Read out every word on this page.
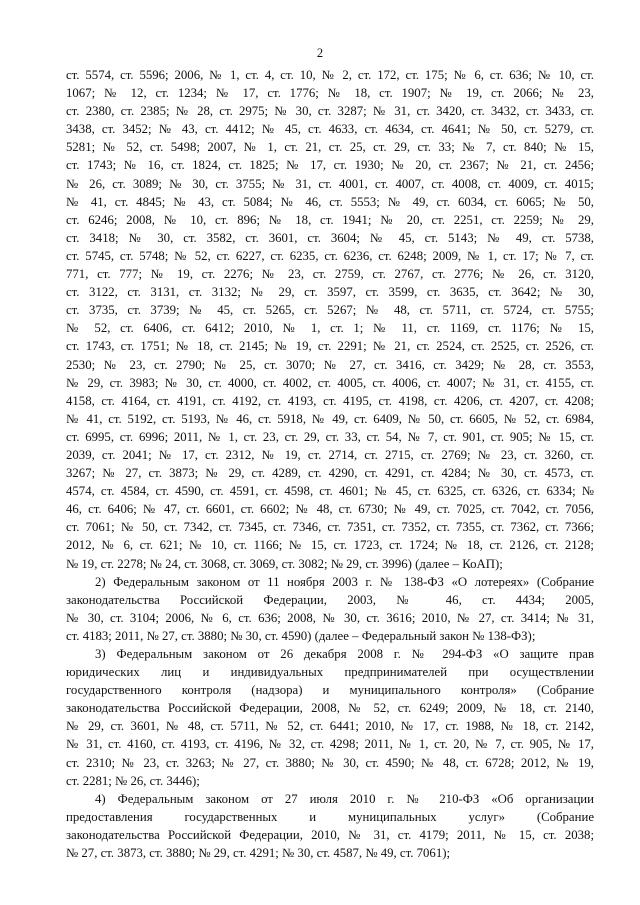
2
ст. 5574, ст. 5596; 2006, № 1, ст. 4, ст. 10, № 2, ст. 172, ст. 175; № 6, ст. 636; № 10, ст.
1067; № 12, ст. 1234; № 17, ст. 1776; № 18, ст. 1907; № 19, ст. 2066; № 23,
ст. 2380, ст. 2385; № 28, ст. 2975; № 30, ст. 3287; № 31, ст. 3420, ст. 3432, ст. 3433, ст.
3438, ст. 3452; № 43, ст. 4412; № 45, ст. 4633, ст. 4634, ст. 4641; № 50, ст. 5279, ст.
5281; № 52, ст. 5498; 2007, № 1, ст. 21, ст. 25, ст. 29, ст. 33; № 7, ст. 840; № 15,
ст. 1743; № 16, ст. 1824, ст. 1825; № 17, ст. 1930; № 20, ст. 2367; № 21, ст. 2456;
№ 26, ст. 3089; № 30, ст. 3755; № 31, ст. 4001, ст. 4007, ст. 4008, ст. 4009, ст. 4015;
№ 41, ст. 4845; № 43, ст. 5084; № 46, ст. 5553; № 49, ст. 6034, ст. 6065; № 50,
ст. 6246; 2008, № 10, ст. 896; № 18, ст. 1941; № 20, ст. 2251, ст. 2259; № 29,
ст. 3418; № 30, ст. 3582, ст. 3601, ст. 3604; № 45, ст. 5143; № 49, ст. 5738,
ст. 5745, ст. 5748; № 52, ст. 6227, ст. 6235, ст. 6236, ст. 6248; 2009, № 1, ст. 17; № 7, ст.
771, ст. 777; № 19, ст. 2276; № 23, ст. 2759, ст. 2767, ст. 2776; № 26, ст. 3120,
ст. 3122, ст. 3131, ст. 3132; № 29, ст. 3597, ст. 3599, ст. 3635, ст. 3642; № 30,
ст. 3735, ст. 3739; № 45, ст. 5265, ст. 5267; № 48, ст. 5711, ст. 5724, ст. 5755;
№ 52, ст. 6406, ст. 6412; 2010, № 1, ст. 1; № 11, ст. 1169, ст. 1176; № 15,
ст. 1743, ст. 1751; № 18, ст. 2145; № 19, ст. 2291; № 21, ст. 2524, ст. 2525, ст. 2526, ст.
2530; № 23, ст. 2790; № 25, ст. 3070; № 27, ст. 3416, ст. 3429; № 28, ст. 3553,
№ 29, ст. 3983; № 30, ст. 4000, ст. 4002, ст. 4005, ст. 4006, ст. 4007; № 31, ст. 4155, ст.
4158, ст. 4164, ст. 4191, ст. 4192, ст. 4193, ст. 4195, ст. 4198, ст. 4206, ст. 4207, ст. 4208;
№ 41, ст. 5192, ст. 5193, № 46, ст. 5918, № 49, ст. 6409, № 50, ст. 6605, № 52, ст. 6984,
ст. 6995, ст. 6996; 2011, № 1, ст. 23, ст. 29, ст. 33, ст. 54, № 7, ст. 901, ст. 905; № 15, ст.
2039, ст. 2041; № 17, ст. 2312, № 19, ст. 2714, ст. 2715, ст. 2769; № 23, ст. 3260, ст.
3267; № 27, ст. 3873; № 29, ст. 4289, ст. 4290, ст. 4291, ст. 4284; № 30, ст. 4573, ст.
4574, ст. 4584, ст. 4590, ст. 4591, ст. 4598, ст. 4601; № 45, ст. 6325, ст. 6326, ст. 6334; №
46, ст. 6406; № 47, ст. 6601, ст. 6602; № 48, ст. 6730; № 49, ст. 7025, ст. 7042, ст. 7056,
ст. 7061; № 50, ст. 7342, ст. 7345, ст. 7346, ст. 7351, ст. 7352, ст. 7355, ст. 7362, ст. 7366;
2012, № 6, ст. 621; № 10, ст. 1166; № 15, ст. 1723, ст. 1724; № 18, ст. 2126, ст. 2128;
№ 19, ст. 2278; № 24, ст. 3068, ст. 3069, ст. 3082; № 29, ст. 3996) (далее – КоАП);
2) Федеральным законом от 11 ноября 2003 г. № 138-ФЗ «О лотереях» (Собрание
законодательства Российской Федерации, 2003, № 46, ст. 4434; 2005,
№ 30, ст. 3104; 2006, № 6, ст. 636; 2008, № 30, ст. 3616; 2010, № 27, ст. 3414; № 31,
ст. 4183; 2011, № 27, ст. 3880; № 30, ст. 4590) (далее – Федеральный закон № 138-ФЗ);
3) Федеральным законом от 26 декабря 2008 г. № 294-ФЗ «О защите прав
юридических лиц и индивидуальных предпринимателей при осуществлении
государственного контроля (надзора) и муниципального контроля» (Собрание
законодательства Российской Федерации, 2008, № 52, ст. 6249; 2009, № 18, ст. 2140,
№ 29, ст. 3601, № 48, ст. 5711, № 52, ст. 6441; 2010, № 17, ст. 1988, № 18, ст. 2142,
№ 31, ст. 4160, ст. 4193, ст. 4196, № 32, ст. 4298; 2011, № 1, ст. 20, № 7, ст. 905, № 17,
ст. 2310; № 23, ст. 3263; № 27, ст. 3880; № 30, ст. 4590; № 48, ст. 6728; 2012, № 19,
ст. 2281; № 26, ст. 3446);
4) Федеральным законом от 27 июля 2010 г. № 210-ФЗ «Об организации
предоставления государственных и муниципальных услуг» (Собрание
законодательства Российской Федерации, 2010, № 31, ст. 4179; 2011, № 15, ст. 2038;
№ 27, ст. 3873, ст. 3880; № 29, ст. 4291; № 30, ст. 4587, № 49, ст. 7061);
